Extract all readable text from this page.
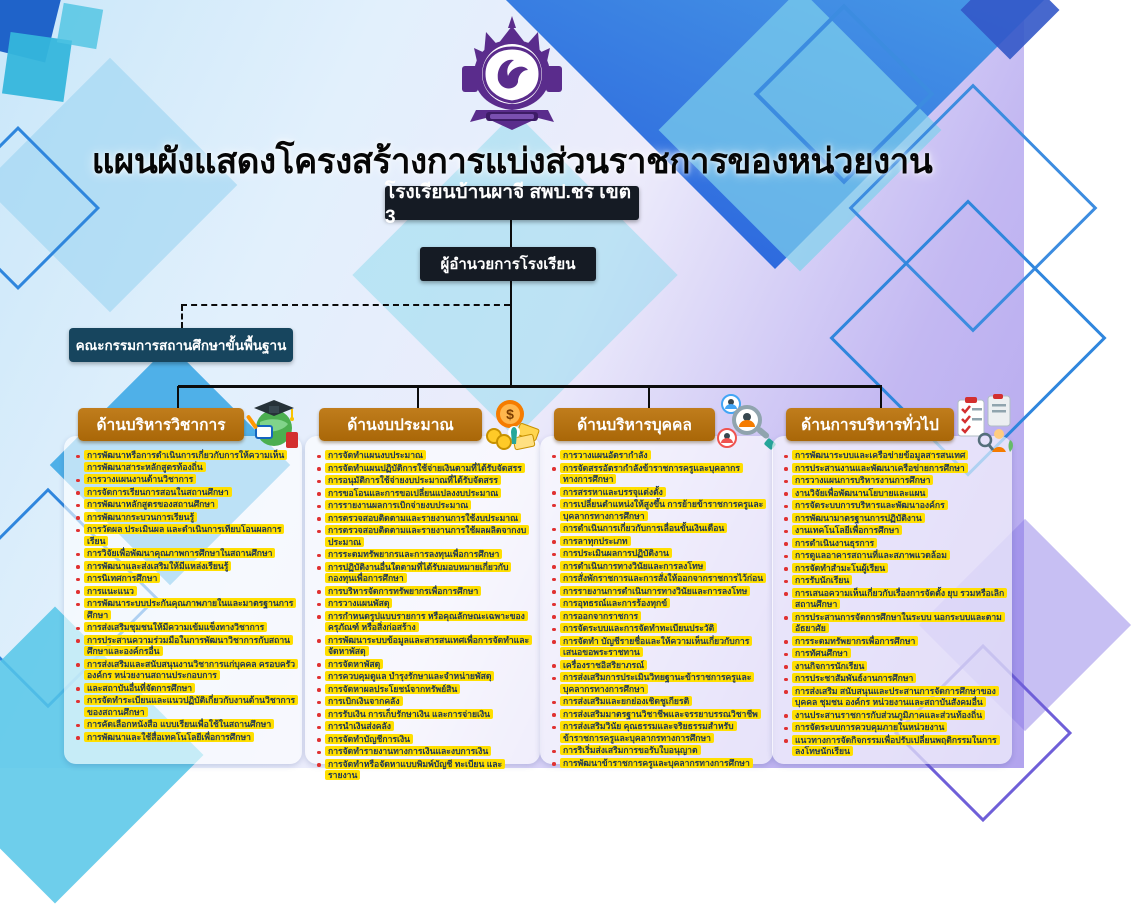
แผนผังแสดงโครงสร้างการแบ่งส่วนราชการของหน่วยงาน
โรงเรียนบ้านผาจี สพป.ชร เขต 3
ผู้อำนวยการโรงเรียน
คณะกรรมการสถานศึกษาขั้นพื้นฐาน
ด้านบริหารวิชาการ
การพัฒนาหรือการดำเนินการเกี่ยวกับการให้ความเห็น การพัฒนาสาระหลักสูตรท้องถิ่น
การวางแผนงานด้านวิชาการ
การจัดการเรียนการสอนในสถานศึกษา
การพัฒนาหลักสูตรของสถานศึกษา
การพัฒนากระบวนการเรียนรู้
การวัดผล ประเมินผล และดำเนินการเทียบโอนผลการเรียน
การวิจัยเพื่อพัฒนาคุณภาพการศึกษาในสถานศึกษา
การพัฒนาและส่งเสริมให้มีแหล่งเรียนรู้
การนิเทศการศึกษา
การแนะแนว
การพัฒนาระบบประกันคุณภาพภายในและมาตรฐานการศึกษา
การส่งเสริมชุมชนให้มีความเข้มแข็งทางวิชาการ
การประสานความร่วมมือในการพัฒนาวิชาการกับสถานศึกษาและองค์กรอื่น
การส่งเสริมและสนับสนุนงานวิชาการแก่บุคคล ครอบครัว องค์กร หน่วยงานสถานประกอบการ
และสถาบันอื่นที่จัดการศึกษา
การจัดทำระเบียนและแนวปฏิบัติเกี่ยวกับงานด้านวิชาการของสถานศึกษา
การคัดเลือกหนังสือ แบบเรียนเพื่อใช้ในสถานศึกษา
การพัฒนาและใช้สื่อเทคโนโลยีเพื่อการศึกษา
ด้านงบประมาณ
$
การจัดทำแผนงบประมาณ
การจัดทำแผนปฏิบัติการใช้จ่ายเงินตามที่ได้รับจัดสรร
การอนุมัติการใช้จ่ายงบประมาณที่ได้รับจัดสรร
การขอโอนและการขอเปลี่ยนแปลงงบประมาณ
การรายงานผลการเบิกจ่ายงบประมาณ
การตรวจสอบติดตามและรายงานการใช้งบประมาณ
การตรวจสอบติดตามและรายงานการใช้ผลผลิตจากงบประมาณ
การระดมทรัพยากรและการลงทุนเพื่อการศึกษา
การปฏิบัติงานอื่นใดตามที่ได้รับมอบหมายเกี่ยวกับกองทุนเพื่อการศึกษา
การบริหารจัดการทรัพยากรเพื่อการศึกษา
การวางแผนพัสดุ
การกำหนดรูปแบบรายการ หรือคุณลักษณะเฉพาะของครุภัณฑ์ หรือสิ่งก่อสร้าง
การพัฒนาระบบข้อมูลและสารสนเทศเพื่อการจัดทำและจัดหาพัสดุ
การจัดหาพัสดุ
การควบคุมดูแล บำรุงรักษาและจำหน่ายพัสดุ
การจัดหาผลประโยชน์จากทรัพย์สิน
การเบิกเงินจากคลัง
การรับเงิน การเก็บรักษาเงิน และการจ่ายเงิน
การนำเงินส่งคลัง
การจัดทำบัญชีการเงิน
การจัดทำรายงานทางการเงินและงบการเงิน
การจัดทำหรือจัดหาแบบพิมพ์บัญชี ทะเบียน และรายงาน
ด้านบริหารบุคคล
การวางแผนอัตรากำลัง
การจัดสรรอัตรากำลังข้าราชการครูและบุคลากรทางการศึกษา
การสรรหาและบรรจุแต่งตั้ง
การเปลี่ยนตำแหน่งให้สูงขึ้น การย้ายข้าราชการครูและบุคลากรทางการศึกษา
การดำเนินการเกี่ยวกับการเลื่อนขั้นเงินเดือน
การลาทุกประเภท
การประเมินผลการปฏิบัติงาน
การดำเนินการทางวินัยและการลงโทษ
การสั่งพักราชการและการสั่งให้ออกจากราชการไว้ก่อน
การรายงานการดำเนินการทางวินัยและการลงโทษ
การอุทธรณ์และการร้องทุกข์
การออกจากราชการ
การจัดระบบและการจัดทำทะเบียนประวัติ
การจัดทำ บัญชีรายชื่อและให้ความเห็นเกี่ยวกับการเสนอขอพระราชทาน
เครื่องราชอิสริยาภรณ์
การส่งเสริมการประเมินวิทยฐานะข้าราชการครูและบุคลากรทางการศึกษา
การส่งเสริมและยกย่องเชิดชูเกียรติ
การส่งเสริมมาตรฐานวิชาชีพและจรรยาบรรณวิชาชีพ
การส่งเสริมวินัย คุณธรรมและจริยธรรมสำหรับข้าราชการครูและบุคลากรทางการศึกษา
การริเริ่มส่งเสริมการขอรับใบอนุญาต
การพัฒนาข้าราชการครูและบุคลากรทางการศึกษา
ด้านการบริหารทั่วไป
การพัฒนาระบบและเครือข่ายข้อมูลสารสนเทศ
การประสานงานและพัฒนาเครือข่ายการศึกษา
การวางแผนการบริหารงานการศึกษา
งานวิจัยเพื่อพัฒนานโยบายและแผน
การจัดระบบการบริหารและพัฒนาองค์กร
การพัฒนามาตรฐานการปฏิบัติงาน
งานเทคโนโลยีเพื่อการศึกษา
การดำเนินงานธุรการ
การดูแลอาคารสถานที่และสภาพแวดล้อม
การจัดทำสำมะโนผู้เรียน
การรับนักเรียน
การเสนอความเห็นเกี่ยวกับเรื่องการจัดตั้ง ยุบ รวมหรือเลิกสถานศึกษา
การประสานการจัดการศึกษาในระบบ นอกระบบและตามอัธยาศัย
การระดมทรัพยากรเพื่อการศึกษา
การทัศนศึกษา
งานกิจการนักเรียน
การประชาสัมพันธ์งานการศึกษา
การส่งเสริม สนับสนุนและประสานการจัดการศึกษาของบุคคล ชุมชน องค์กร หน่วยงานและสถาบันสังคมอื่น
งานประสานราชการกับส่วนภูมิภาคและส่วนท้องถิ่น
การจัดระบบการควบคุมภายในหน่วยงาน
แนวทางการจัดกิจกรรมเพื่อปรับเปลี่ยนพฤติกรรมในการลงโทษนักเรียน
